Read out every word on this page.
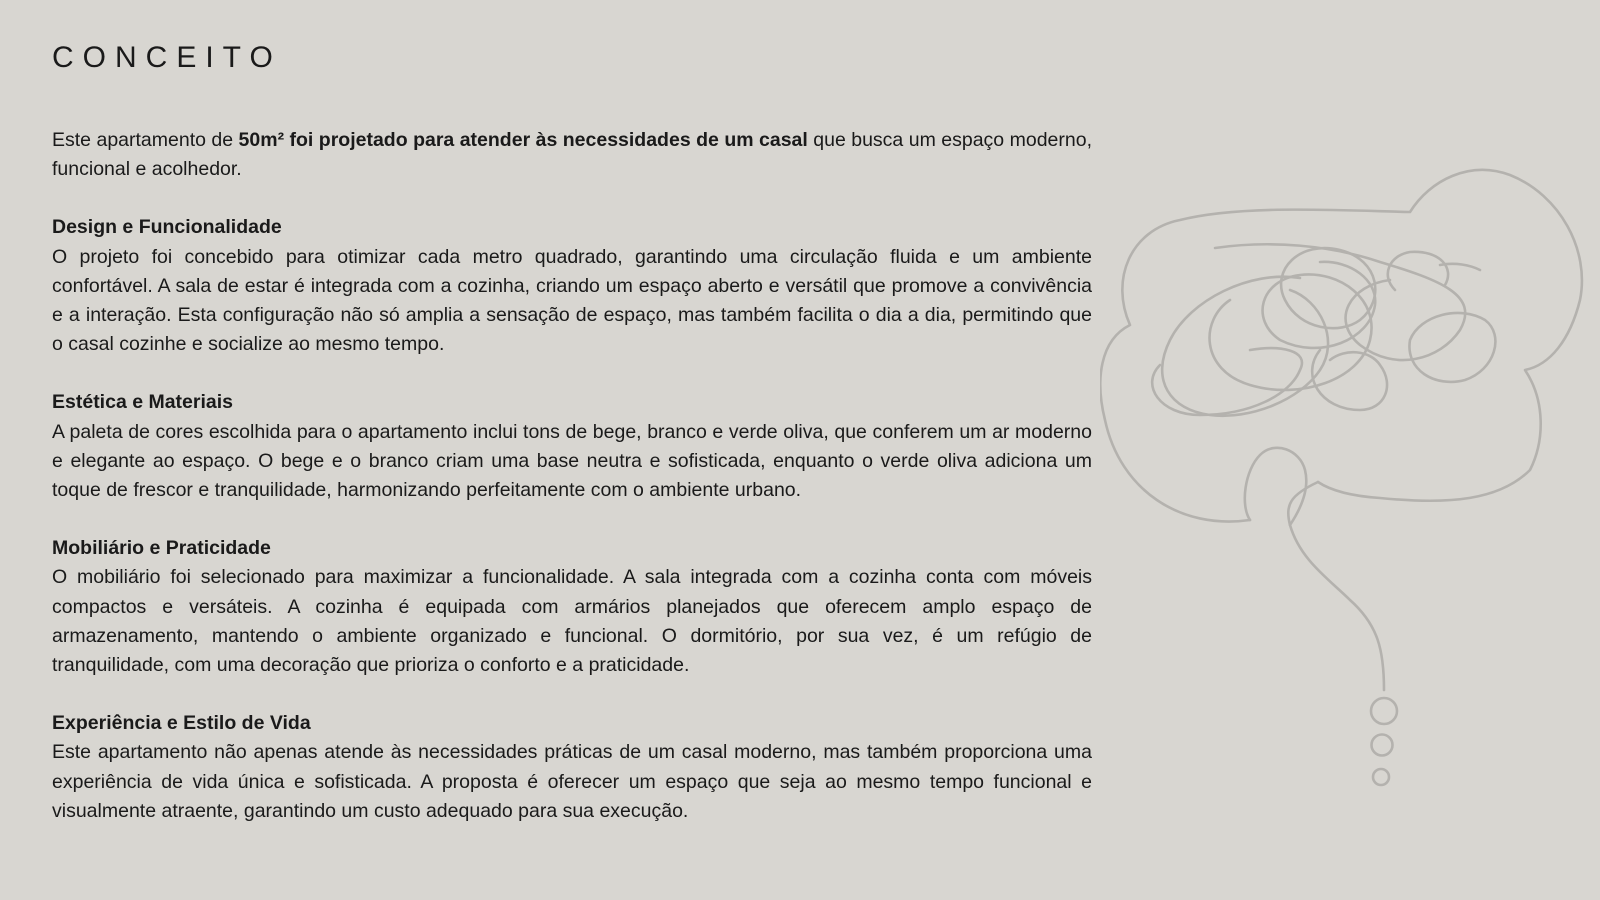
CONCEITO

Este apartamento de 50m² foi projetado para atender às necessidades de um casal que busca um espaço moderno, funcional e acolhedor.

Design e Funcionalidade

O projeto foi concebido para otimizar cada metro quadrado, garantindo uma circulação fluida e um ambiente confortável. A sala de estar é integrada com a cozinha, criando um espaço aberto e versátil que promove a convivência e a interação. Esta configuração não só amplia a sensação de espaço, mas também facilita o dia a dia, permitindo que o casal cozinhe e socialize ao mesmo tempo.

Estética e Materiais

A paleta de cores escolhida para o apartamento inclui tons de bege, branco e verde oliva, que conferem um ar moderno e elegante ao espaço. O bege e o branco criam uma base neutra e sofisticada, enquanto o verde oliva adiciona um toque de frescor e tranquilidade, harmonizando perfeitamente com o ambiente urbano.

Mobiliário e Praticidade

O mobiliário foi selecionado para maximizar a funcionalidade. A sala integrada com a cozinha conta com móveis compactos e versáteis. A cozinha é equipada com armários planejados que oferecem amplo espaço de armazenamento, mantendo o ambiente organizado e funcional. O dormitório, por sua vez, é um refúgio de tranquilidade, com uma decoração que prioriza o conforto e a praticidade.

Experiência e Estilo de Vida

Este apartamento não apenas atende às necessidades práticas de um casal moderno, mas também proporciona uma experiência de vida única e sofisticada. A proposta é oferecer um espaço que seja ao mesmo tempo funcional e visualmente atraente, garantindo um custo adequado para sua execução.
